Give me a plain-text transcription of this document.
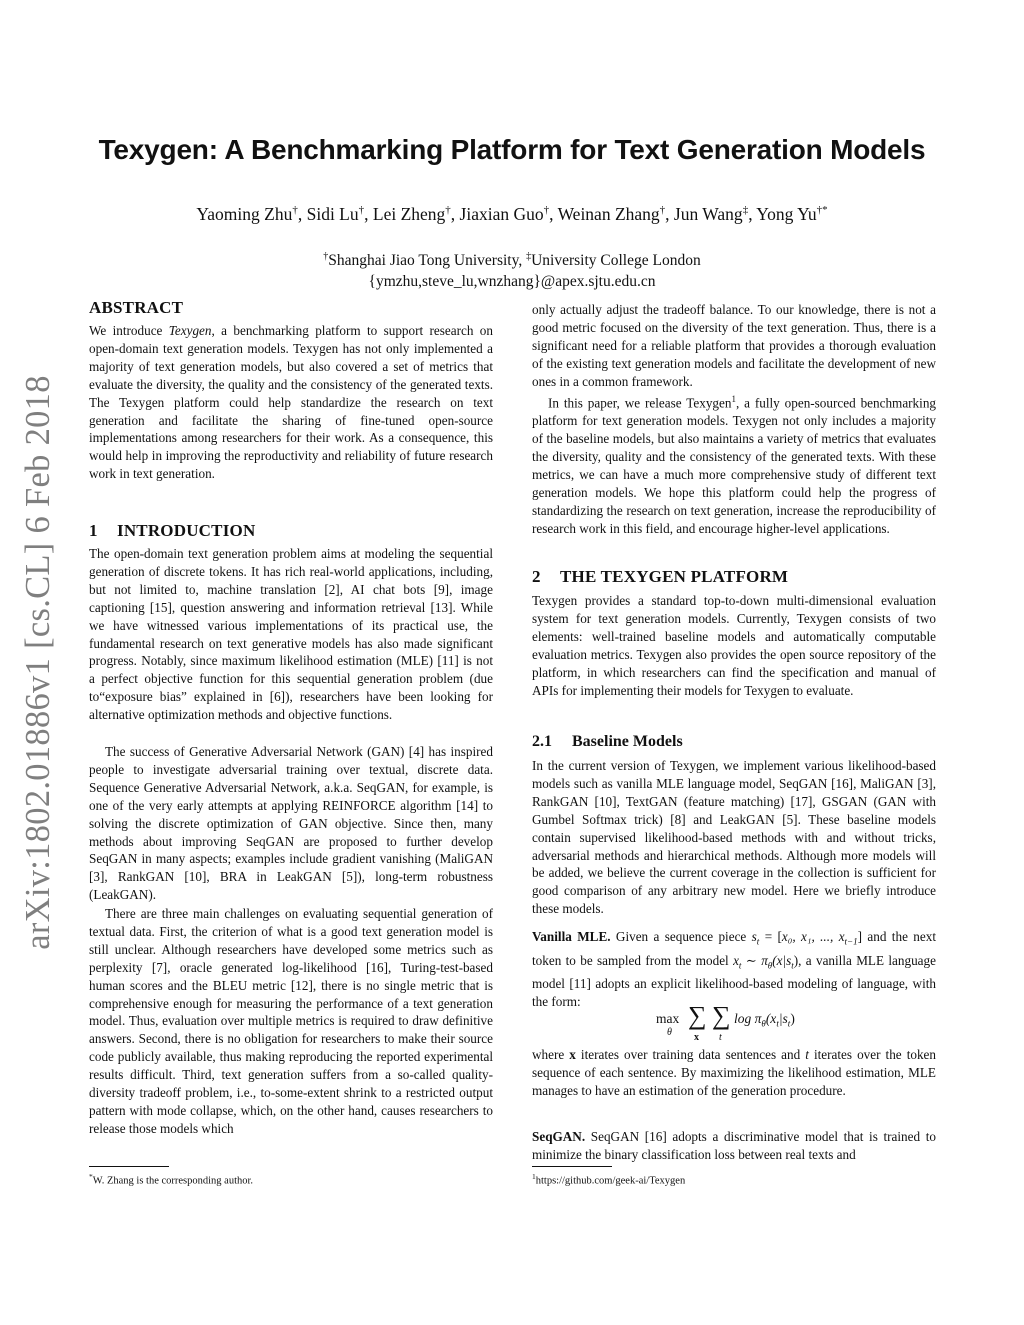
arXiv:1802.01886v1 [cs.CL] 6 Feb 2018
Texygen: A Benchmarking Platform for Text Generation Models
Yaoming Zhu†, Sidi Lu†, Lei Zheng†, Jiaxian Guo†, Weinan Zhang†, Jun Wang‡, Yong Yu†*
†Shanghai Jiao Tong University, ‡University College London
{ymzhu,steve_lu,wnzhang}@apex.sjtu.edu.cn
ABSTRACT

We introduce Texygen, a benchmarking platform to support research on open-domain text generation models. Texygen has not only implemented a majority of text generation models, but also covered a set of metrics that evaluate the diversity, the quality and the consistency of the generated texts. The Texygen platform could help standardize the research on text generation and facilitate the sharing of fine-tuned open-source implementations among researchers for their work. As a consequence, this would help in improving the reproductivity and reliability of future research work in text generation.

1 INTRODUCTION

The open-domain text generation problem aims at modeling the sequential generation of discrete tokens. It has rich real-world applications, including, but not limited to, machine translation [2], AI chat bots [9], image captioning [15], question answering and information retrieval [13]. While we have witnessed various implementations of its practical use, the fundamental research on text generative models has also made significant progress. Notably, since maximum likelihood estimation (MLE) [11] is not a perfect objective function for this sequential generation problem (due to“exposure bias” explained in [6]), researchers have been looking for alternative optimization methods and objective functions.

The success of Generative Adversarial Network (GAN) [4] has inspired people to investigate adversarial training over textual, discrete data. Sequence Generative Adversarial Network, a.k.a. SeqGAN, for example, is one of the very early attempts at applying REINFORCE algorithm [14] to solving the discrete optimization of GAN objective. Since then, many methods about improving SeqGAN are proposed to further develop SeqGAN in many aspects; examples include gradient vanishing (MaliGAN [3], RankGAN [10], BRA in LeakGAN [5]), long-term robustness (LeakGAN).

There are three main challenges on evaluating sequential generation of textual data. First, the criterion of what is a good text generation model is still unclear. Although researchers have developed some metrics such as perplexity [7], oracle generated log-likelihood [16], Turing-test-based human scores and the BLEU metric [12], there is no single metric that is comprehensive enough for measuring the performance of a text generation model. Thus, evaluation over multiple metrics is required to draw definitive answers. Second, there is no obligation for researchers to make their source code publicly available, thus making reproducing the reported experimental results difficult. Third, text generation suffers from a so-called quality-diversity tradeoff problem, i.e., to-some-extent shrink to a restricted output pattern with mode collapse, which, on the other hand, causes researchers to release those models which

*W. Zhang is the corresponding author.

only actually adjust the tradeoff balance. To our knowledge, there is not a good metric focused on the diversity of the text generation. Thus, there is a significant need for a reliable platform that provides a thorough evaluation of the existing text generation models and facilitate the development of new ones in a common framework.

In this paper, we release Texygen$^1$, a fully open-sourced benchmarking platform for text generation models. Texygen not only includes a majority of the baseline models, but also maintains a variety of metrics that evaluates the diversity, quality and the consistency of the generated texts. With these metrics, we can have a much more comprehensive study of different text generation models. We hope this platform could help the progress of standardizing the research on text generation, increase the reproducibility of research work in this field, and encourage higher-level applications.

2 THE TEXYGEN PLATFORM

Texygen provides a standard top-to-down multi-dimensional evaluation system for text generation models. Currently, Texygen consists of two elements: well-trained baseline models and automatically computable evaluation metrics. Texygen also provides the open source repository of the platform, in which researchers can find the specification and manual of APIs for implementing their models for Texygen to evaluate.

2.1 Baseline Models

In the current version of Texygen, we implement various likelihood-based models such as vanilla MLE language model, SeqGAN [16], MaliGAN [3], RankGAN [10], TextGAN (feature matching) [17], GSGAN (GAN with Gumbel Softmax trick) [8] and LeakGAN [5]. These baseline models contain supervised likelihood-based methods with and without tricks, adversarial methods and hierarchical methods. Although more models will be added, we believe the current coverage in the collection is sufficient for good comparison of any arbitrary new model. Here we briefly introduce these models.

Vanilla MLE. Given a sequence piece $s_t = [x_0$, x₁, ..., $x_{t-1}$] and the next token to be sampled from the model $x_t$ ∼ $\pi_\theta(x|s_t)$, a vanilla MLE language model [11] adopts an explicit likelihood-based modeling of language, with the form:

max
θ
∑
x
∑
t
$\log \pi_\theta(x_t|s_t)$

where x iterates over training data sentences and t iterates over the token sequence of each sentence. By maximizing the likelihood estimation, MLE manages to have an estimation of the generation procedure.

SeqGAN. SeqGAN [16] adopts a discriminative model that is trained to minimize the binary classification loss between real texts and

$^1$https://github.com/geek-ai/Texygen
